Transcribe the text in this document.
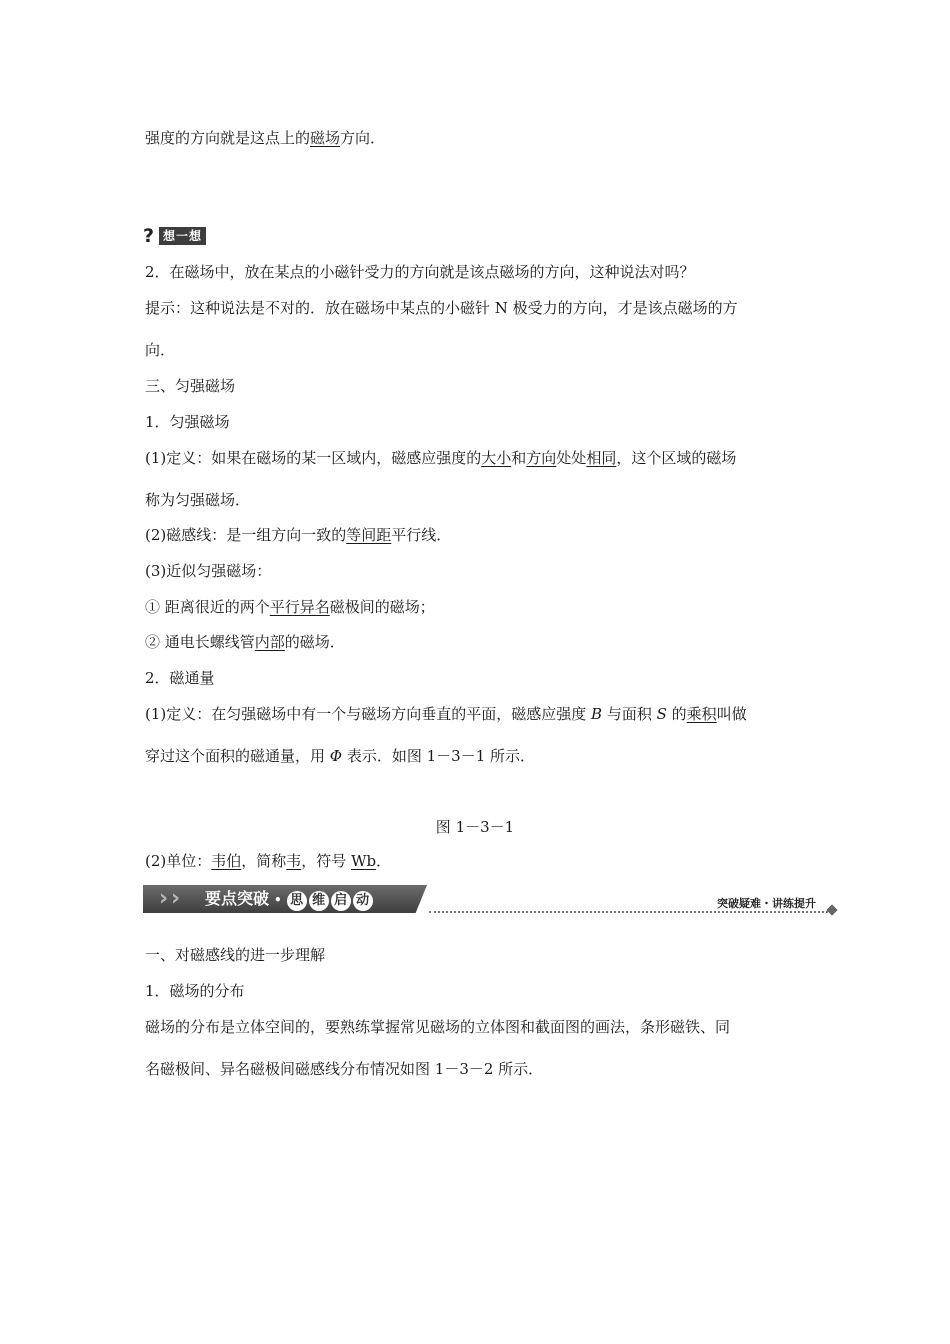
强度的方向就是这点上的磁场方向．
? 想一想
2．在磁场中，放在某点的小磁针受力的方向就是该点磁场的方向，这种说法对吗？
提示：这种说法是不对的．放在磁场中某点的小磁针 N 极受力的方向，才是该点磁场的方
向．
三、匀强磁场
1．匀强磁场
(1)定义：如果在磁场的某一区域内，磁感应强度的大小和方向处处相同，这个区域的磁场
称为匀强磁场．
(2)磁感线：是一组方向一致的等间距平行线．
(3)近似匀强磁场：
① 距离很近的两个平行异名磁极间的磁场；
② 通电长螺线管内部的磁场．
2．磁通量
(1)定义：在匀强磁场中有一个与磁场方向垂直的平面，磁感应强度 B 与面积 S 的乘积叫做
穿过这个面积的磁通量，用 Φ 表示．如图 1－3－1 所示．
图 1－3－1
(2)单位：韦伯，简称韦，符号 Wb．
› › 要点突破 • 思 维 启 动	突破疑难・讲练提升
一、对磁感线的进一步理解
1．磁场的分布
磁场的分布是立体空间的，要熟练掌握常见磁场的立体图和截面图的画法，条形磁铁、同
名磁极间、异名磁极间磁感线分布情况如图 1－3－2 所示．
